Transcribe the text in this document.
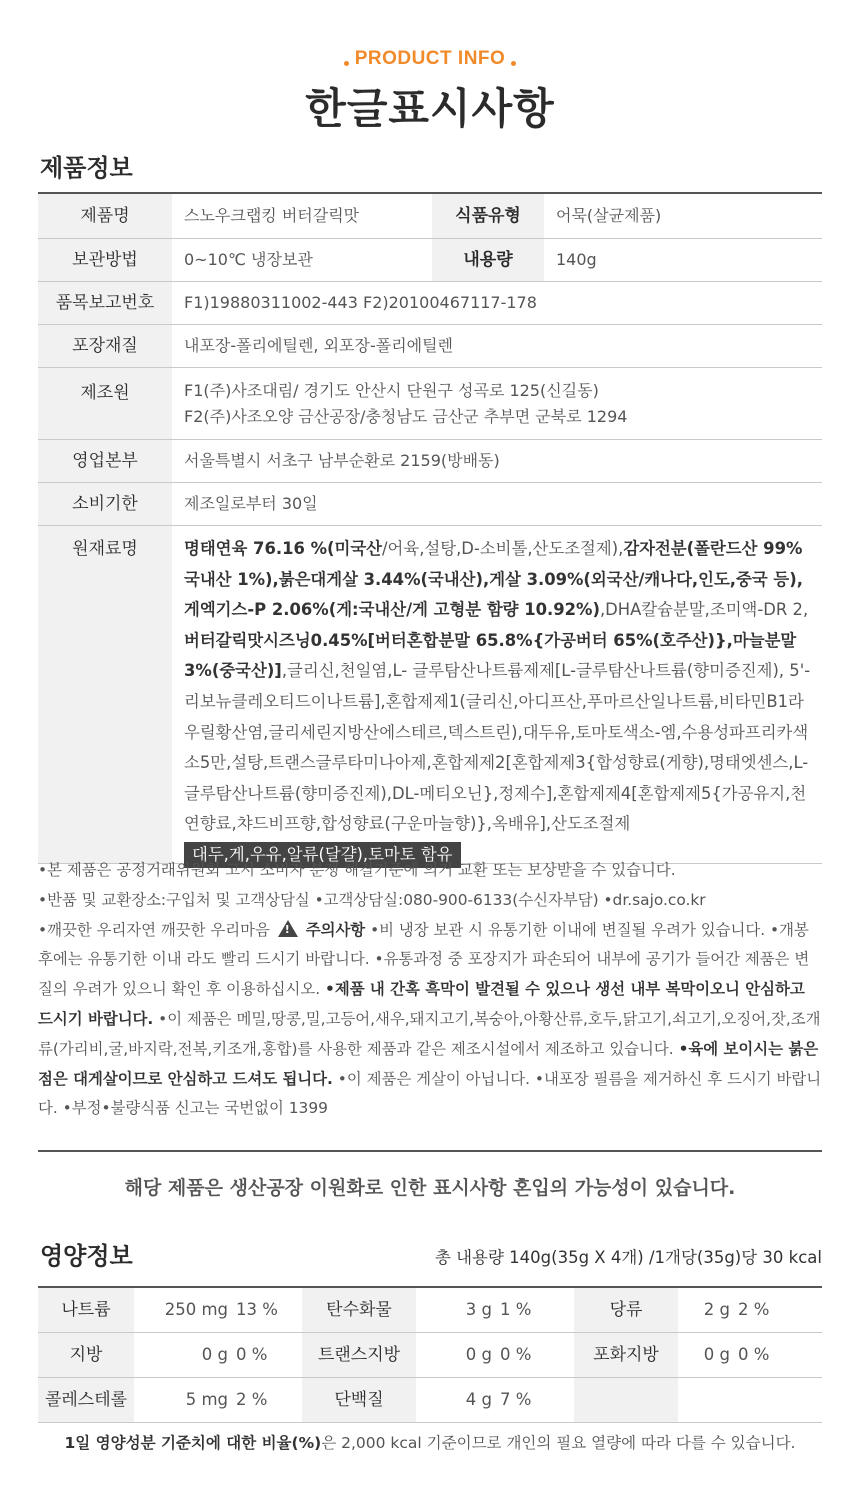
PRODUCT INFO
한글표시사항
제품정보
제품명	스노우크랩킹 버터갈릭맛	식품유형	어묵(살균제품)
보관방법	0~10℃ 냉장보관	내용량	140g
품목보고번호	F1)19880311002-443 F2)20100467117-178
포장재질	내포장-폴리에틸렌, 외포장-폴리에틸렌
제조원	F1(주)사조대림/ 경기도 안산시 단원구 성곡로 125(신길동)
F2(주)사조오양 금산공장/충청남도 금산군 추부면 군북로 1294
영업본부	서울특별시 서초구 남부순환로 2159(방배동)
소비기한	제조일로부터 30일
원재료명	명태연육 76.16 %(미국산/어육,설탕,D-소비톨,산도조절제),감자전분(폴란드산 99% 국내산 1%),붉은대게살 3.44%(국내산),게살 3.09%(외국산/캐나다,인도,중국 등),게엑기스-P 2.06%(게:국내산/게 고형분 함량 10.92%),DHA칼슘분말,조미액-DR 2,버터갈릭맛시즈닝0.45%[버터혼합분말 65.8%{가공버터 65%(호주산)},마늘분말 3%(중국산)],글리신,천일염,L- 글루탐산나트륨제제[L-글루탐산나트륨(향미증진제), 5'-리보뉴클레오티드이나트륨],혼합제제1(글리신,아디프산,푸마르산일나트륨,비타민B1라우릴황산염,글리세린지방산에스테르,덱스트린),대두유,토마토색소-엠,수용성파프리카색소5만,설탕,트랜스글루타미나아제,혼합제제2[혼합제제3{합성향료(게향),명태엣센스,L-글루탐산나트륨(향미증진제),DL-메티오닌},정제수],혼합제제4[혼합제제5{가공유지,천연향료,챠드비프향,합성향료(구운마늘향)},옥배유],산도조절제
대두,게,우유,알류(달걀),토마토 함유
•본 제품은 공정거래위원회 고시 소비자 분쟁 해결기준에 의거 교환 또는 보상받을 수 있습니다.
•반품 및 교환장소:구입처 및 고객상담실 •고객상담실:080-900-6133(수신자부담) •dr.sajo.co.kr
•깨끗한 우리자연 깨끗한 우리마음 ! 주의사항 •비 냉장 보관 시 유통기한 이내에 변질될 우려가 있습니다. •개봉 후에는 유통기한 이내 라도 빨리 드시기 바랍니다. •유통과정 중 포장지가 파손되어 내부에 공기가 들어간 제품은 변질의 우려가 있으니 확인 후 이용하십시오. •제품 내 간혹 흑막이 발견될 수 있으나 생선 내부 복막이오니 안심하고 드시기 바랍니다. •이 제품은 메밀,땅콩,밀,고등어,새우,돼지고기,복숭아,아황산류,호두,닭고기,쇠고기,오징어,잣,조개류(가리비,굴,바지락,전복,키조개,홍합)를 사용한 제품과 같은 제조시설에서 제조하고 있습니다. •육에 보이시는 붉은 점은 대게살이므로 안심하고 드셔도 됩니다. •이 제품은 게살이 아닙니다. •내포장 필름을 제거하신 후 드시기 바랍니다. •부정•불량식품 신고는 국번없이 1399
해당 제품은 생산공장 이원화로 인한 표시사항 혼입의 가능성이 있습니다.
영양정보	총 내용량 140g(35g X 4개) /1개당(35g)당 30 kcal
나트륨	250 mg 13 %	탄수화물	3 g 1 %	당류	2 g 2 %
지방	0 g 0 %	트랜스지방	0 g 0 %	포화지방	0 g 0 %
콜레스테롤	5 mg 2 %	단백질	4 g 7 %
1일 영양성분 기준치에 대한 비율(%)은 2,000 kcal 기준이므로 개인의 필요 열량에 따라 다를 수 있습니다.
